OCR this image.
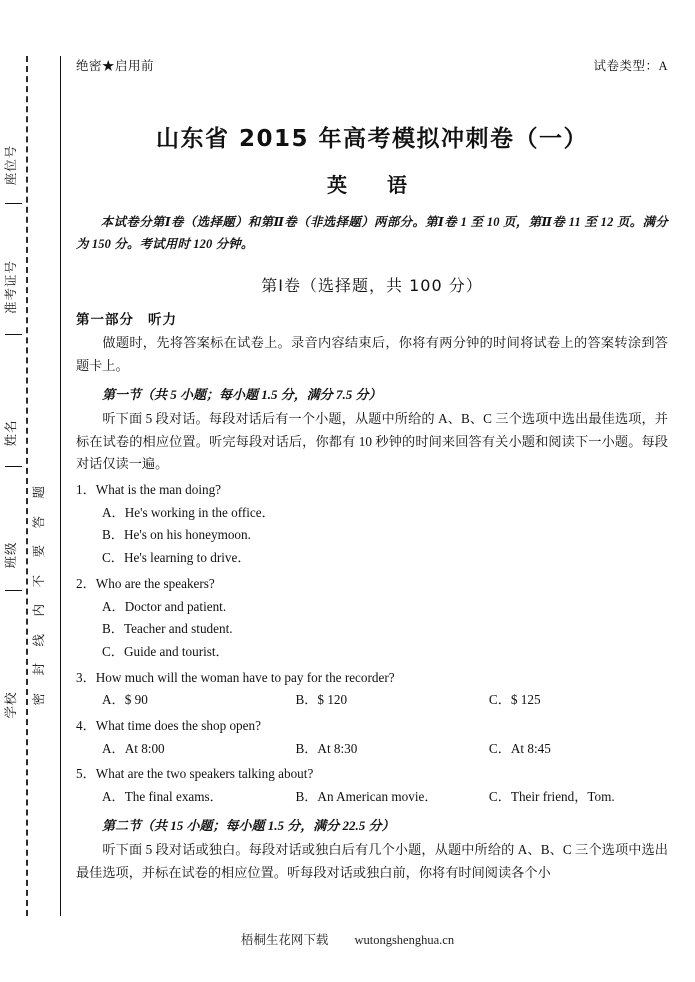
座位号
准考证号
姓名
班级
学校
题
答
要
不
内
线
封
密
绝密★启用前	试卷类型：A
山东省 2015 年高考模拟冲刺卷（一）
英　语

本试卷分第Ⅰ卷（选择题）和第Ⅱ卷（非选择题）两部分。第Ⅰ卷 1 至 10 页，第Ⅱ卷 11 至 12 页。满分为 150 分。考试用时 120 分钟。

第Ⅰ卷（选择题，共 100 分）
第一部分 听力

做题时，先将答案标在试卷上。录音内容结束后，你将有两分钟的时间将试卷上的答案转涂到答题卡上。

第一节（共 5 小题；每小题 1.5 分，满分 7.5 分）

听下面 5 段对话。每段对话后有一个小题，从题中所给的 A、B、C 三个选项中选出最佳选项，并标在试卷的相应位置。听完每段对话后，你都有 10 秒钟的时间来回答有关小题和阅读下一小题。每段对话仅读一遍。

1．What is the man doing?

A．He's working in the office．

B．He's on his honeymoon.

C．He's learning to drive．

2．Who are the speakers?

A．Doctor and patient.

B．Teacher and student.

C．Guide and tourist．

3．How much will the woman have to pay for the recorder?

A．$ 90	B．$ 120	C．$ 125

4．What time does the shop open?

A．At 8:00	B．At 8:30	C．At 8:45

5．What are the two speakers talking about?

A．The final exams．	B．An American movie．	C．Their friend，Tom.

第二节（共 15 小题；每小题 1.5 分，满分 22.5 分）

听下面 5 段对话或独白。每段对话或独白后有几个小题，从题中所给的 A、B、C 三个选项中选出最佳选项，并标在试卷的相应位置。听每段对话或独白前，你将有时间阅读各个小

梧桐生花网下载 wutongshenghua.cn
